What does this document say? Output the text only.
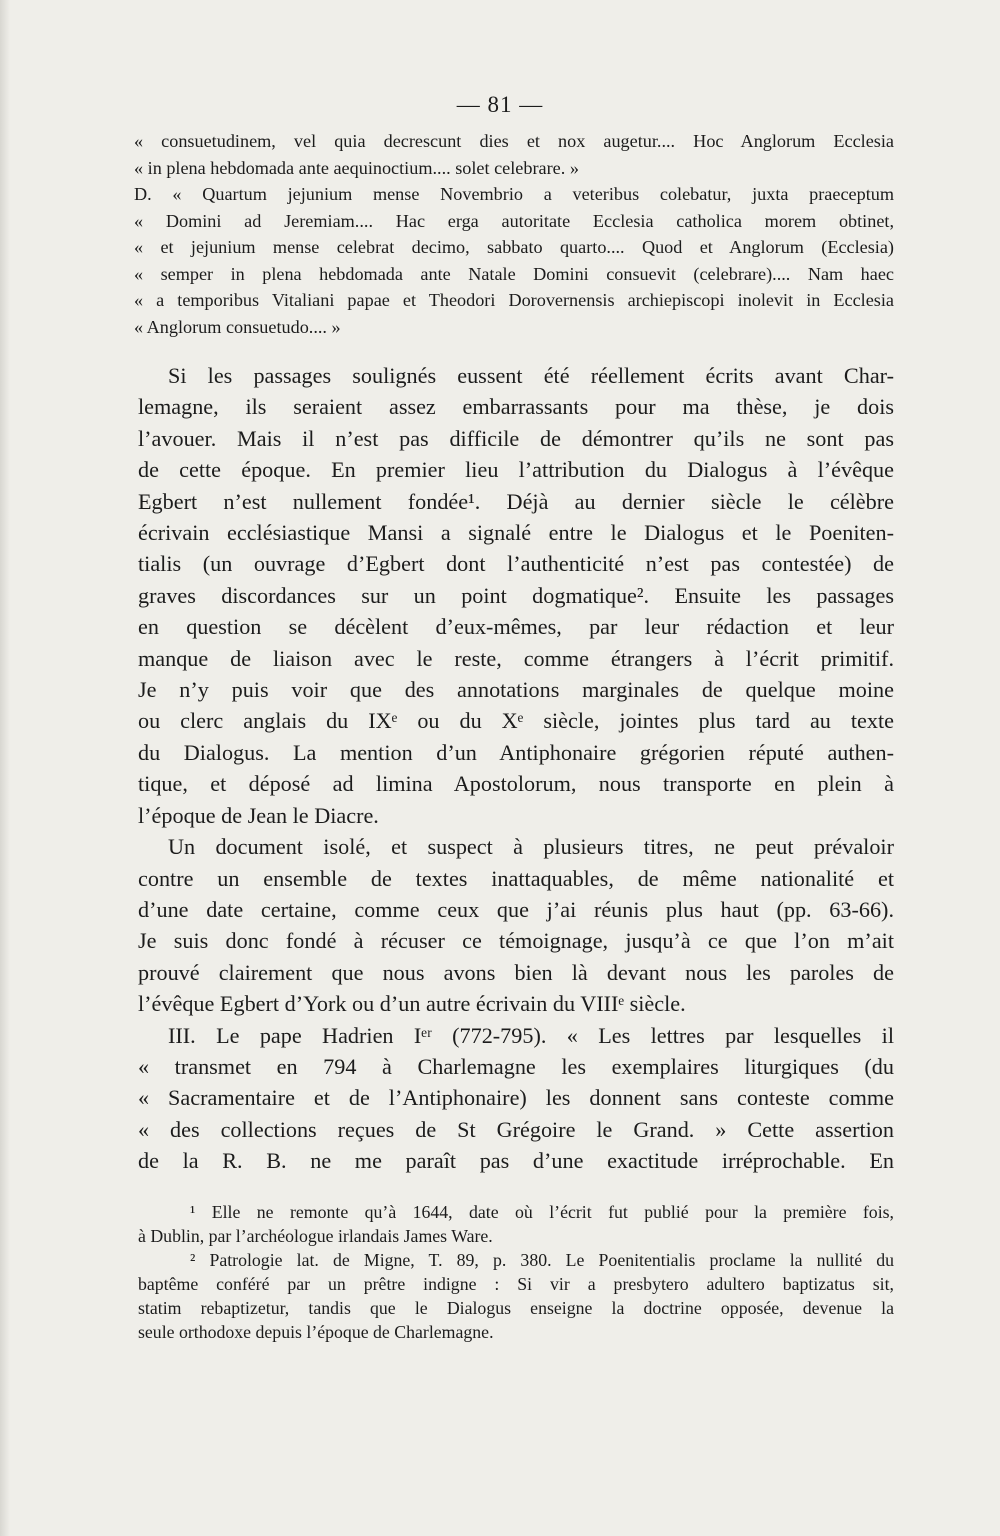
— 81 —
« consuetudinem, vel quia decrescunt dies et nox augetur.... Hoc Anglorum Ecclesia
« in plena hebdomada ante aequinoctium.... solet celebrare. »
D. « Quartum jejunium mense Novembrio a veteribus colebatur, juxta praeceptum
« Domini ad Jeremiam.... Hac erga autoritate Ecclesia catholica morem obtinet,
« et jejunium mense celebrat decimo, sabbato quarto.... Quod et Anglorum (Ecclesia)
« semper in plena hebdomada ante Natale Domini consuevit (celebrare).... Nam haec
« a temporibus Vitaliani papae et Theodori Dorovernensis archiepiscopi inolevit in Ecclesia
« Anglorum consuetudo.... »
Si les passages soulignés eussent été réellement écrits avant Char-
lemagne, ils seraient assez embarrassants pour ma thèse, je dois
l’avouer. Mais il n’est pas difficile de démontrer qu’ils ne sont pas
de cette époque. En premier lieu l’attribution du Dialogus à l’évêque
Egbert n’est nullement fondée¹. Déjà au dernier siècle le célèbre
écrivain ecclésiastique Mansi a signalé entre le Dialogus et le Poeniten-
tialis (un ouvrage d’Egbert dont l’authenticité n’est pas contestée) de
graves discordances sur un point dogmatique². Ensuite les passages
en question se décèlent d’eux-mêmes, par leur rédaction et leur
manque de liaison avec le reste, comme étrangers à l’écrit primitif.
Je n’y puis voir que des annotations marginales de quelque moine
ou clerc anglais du IXᵉ ou du Xᵉ siècle, jointes plus tard au texte
du Dialogus. La mention d’un Antiphonaire grégorien réputé authen-
tique, et déposé ad limina Apostolorum, nous transporte en plein à
l’époque de Jean le Diacre.
Un document isolé, et suspect à plusieurs titres, ne peut prévaloir
contre un ensemble de textes inattaquables, de même nationalité et
d’une date certaine, comme ceux que j’ai réunis plus haut (pp. 63-66).
Je suis donc fondé à récuser ce témoignage, jusqu’à ce que l’on m’ait
prouvé clairement que nous avons bien là devant nous les paroles de
l’évêque Egbert d’York ou d’un autre écrivain du VIIIᵉ siècle.
III. Le pape Hadrien Iᵉʳ (772-795). « Les lettres par lesquelles il
« transmet en 794 à Charlemagne les exemplaires liturgiques (du
« Sacramentaire et de l’Antiphonaire) les donnent sans conteste comme
« des collections reçues de St Grégoire le Grand. » Cette assertion
de la R. B. ne me paraît pas d’une exactitude irréprochable. En
¹ Elle ne remonte qu’à 1644, date où l’écrit fut publié pour la première fois,
à Dublin, par l’archéologue irlandais James Ware.
² Patrologie lat. de Migne, T. 89, p. 380. Le Poenitentialis proclame la nullité du
baptême conféré par un prêtre indigne : Si vir a presbytero adultero baptizatus sit,
statim rebaptizetur, tandis que le Dialogus enseigne la doctrine opposée, devenue la
seule orthodoxe depuis l’époque de Charlemagne.
